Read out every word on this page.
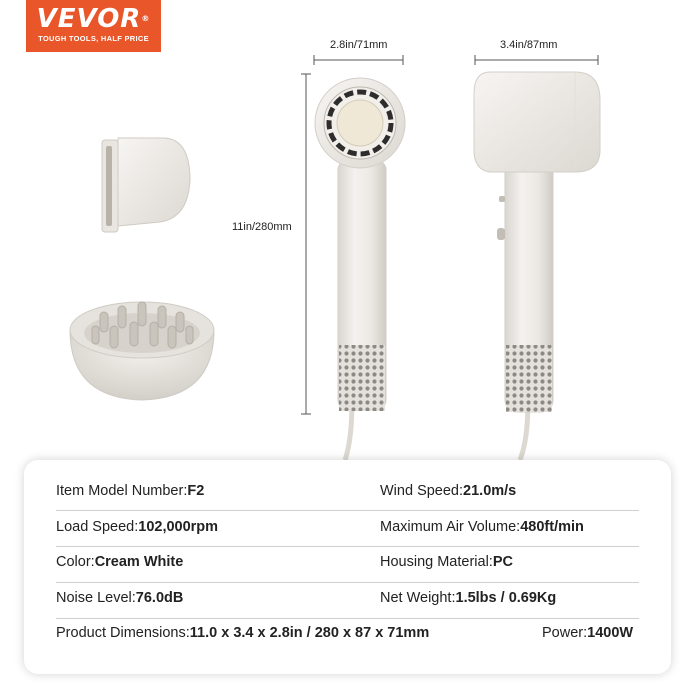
VEVOR®
TOUGH TOOLS, HALF PRICE
2.8in/71mm	3.4in/87mm
11in/280mm
Item Model Number:F2	Wind Speed:21.0m/s
Load Speed:102,000rpm	Maximum Air Volume:480ft/min
Color:Cream White	Housing Material:PC
Noise Level:76.0dB	Net Weight:1.5lbs / 0.69Kg
Product Dimensions:11.0 x 3.4 x 2.8in / 280 x 87 x 71mm	Power:1400W
